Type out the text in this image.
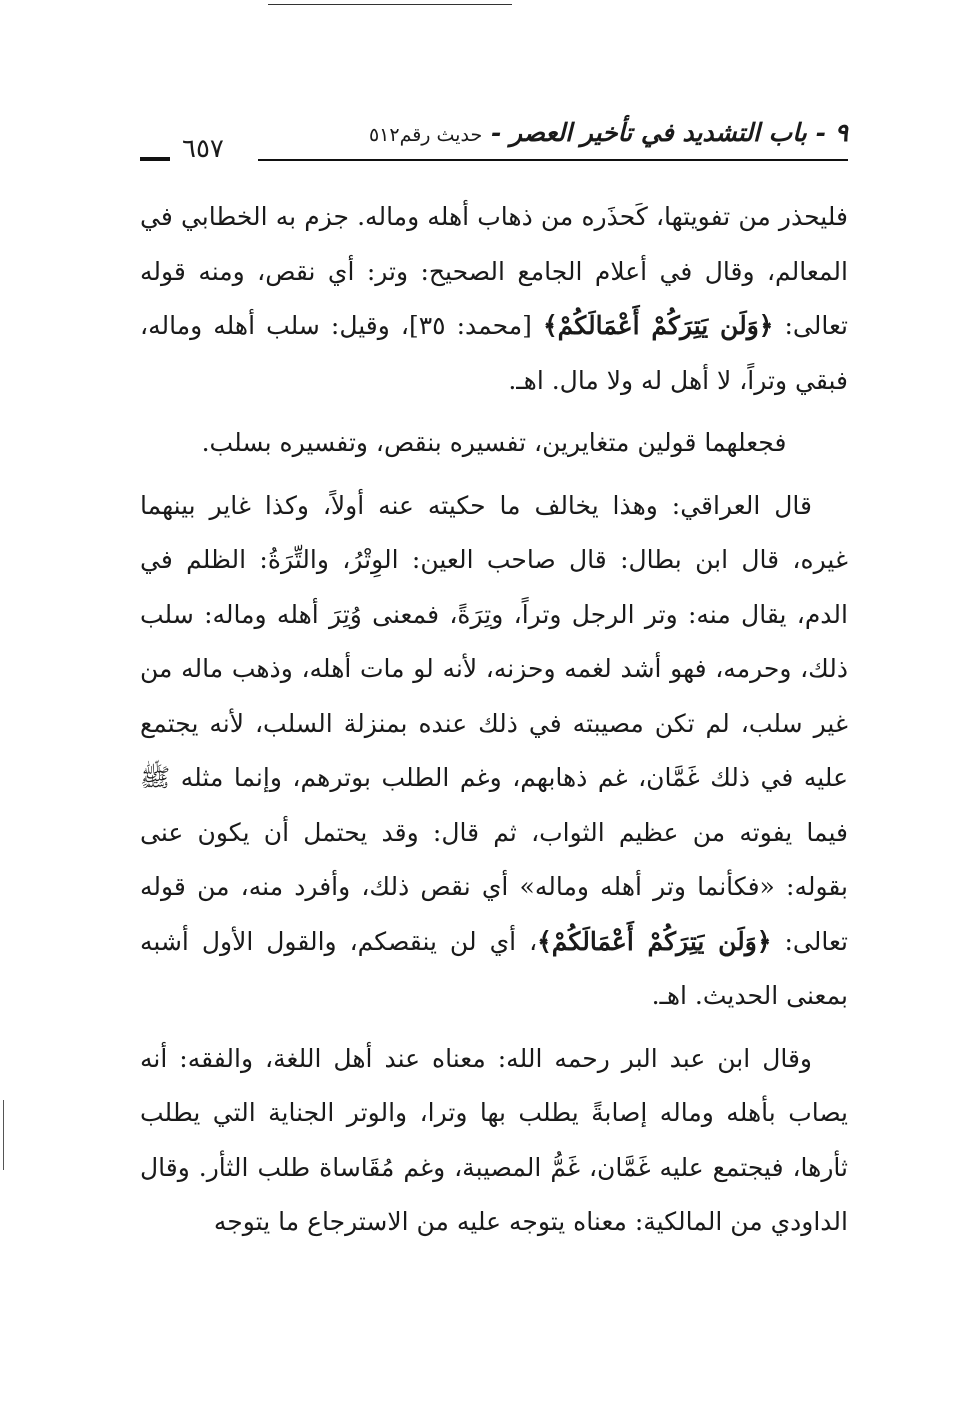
٩ - باب التشديد في تأخير العصر - حديث رقم٥١٢
٦٥٧

فليحذر من تفويتها، كَحذَره من ذهاب أهله وماله. جزم به الخطابي في المعالم، وقال في أعلام الجامع الصحيح: وتر: أي نقص، ومنه قوله تعالى: ﴿وَلَن يَتِرَكُمْ أَعْمَالَكُمْ﴾ [محمد: ٣٥]، وقيل: سلب أهله وماله، فبقي وتراً، لا أهل له ولا مال. اهـ.

فجعلهما قولين متغايرين، تفسيره بنقص، وتفسيره بسلب.

قال العراقي: وهذا يخالف ما حكيته عنه أولاً، وكذا غاير بينهما غيره، قال ابن بطال: قال صاحب العين: الوِتْرُ، والتِّرَةُ: الظلم في الدم، يقال منه: وتر الرجل وتراً، وتِرَةً، فمعنى وُتِرَ أهله وماله: سلب ذلك، وحرمه، فهو أشد لغمه وحزنه، لأنه لو مات أهله، وذهب ماله من غير سلب، لم تكن مصيبته في ذلك عنده بمنزلة السلب، لأنه يجتمع عليه في ذلك غَمَّان، غم ذهابهم، وغم الطلب بوترهم، وإنما مثله ﷺ فيما يفوته من عظيم الثواب، ثم قال: وقد يحتمل أن يكون عنى بقوله: «فكأنما وتر أهله وماله» أي نقص ذلك، وأفرد منه، من قوله تعالى: ﴿وَلَن يَتِرَكُمْ أَعْمَالَكُمْ﴾، أي لن ينقصكم، والقول الأول أشبه بمعنى الحديث. اهـ.

وقال ابن عبد البر رحمه الله: معناه عند أهل اللغة، والفقه: أنه يصاب بأهله وماله إصابةً يطلب بها وترا، والوتر الجناية التي يطلب ثأرها، فيجتمع عليه غَمَّان، غَمُّ المصيبة، وغم مُقَاساة طلب الثأر. وقال الداودي من المالكية: معناه يتوجه عليه من الاسترجاع ما يتوجه
